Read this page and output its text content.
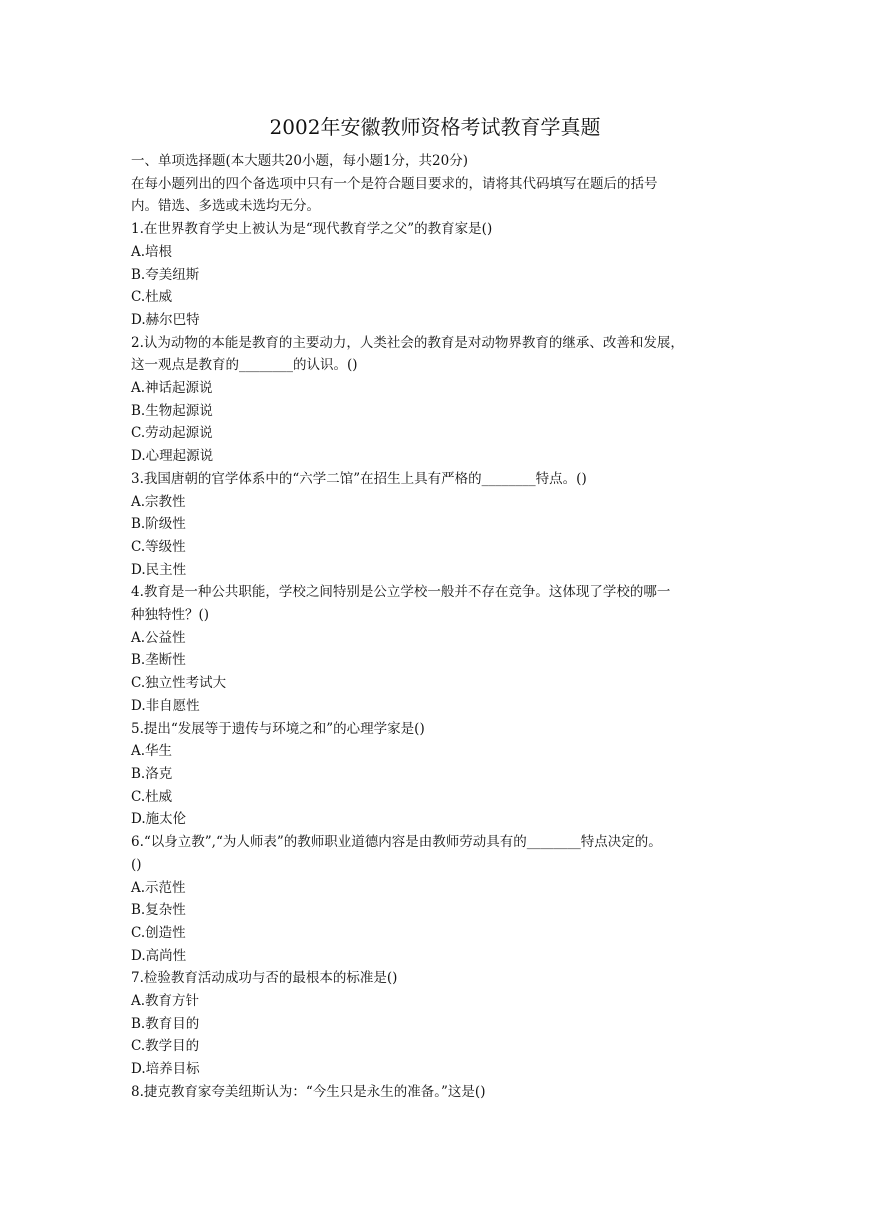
2002年安徽教师资格考试教育学真题
一、单项选择题(本大题共20小题，每小题1分，共20分)
在每小题列出的四个备选项中只有一个是符合题目要求的，请将其代码填写在题后的括号
内。错选、多选或未选均无分。
1.在世界教育学史上被认为是“现代教育学之父”的教育家是()
A.培根
B.夸美纽斯
C.杜威
D.赫尔巴特
2.认为动物的本能是教育的主要动力，人类社会的教育是对动物界教育的继承、改善和发展，
这一观点是教育的________的认识。()
A.神话起源说
B.生物起源说
C.劳动起源说
D.心理起源说
3.我国唐朝的官学体系中的“六学二馆”在招生上具有严格的________特点。()
A.宗教性
B.阶级性
C.等级性
D.民主性
4.教育是一种公共职能，学校之间特别是公立学校一般并不存在竞争。这体现了学校的哪一
种独特性？()
A.公益性
B.垄断性
C.独立性考试大
D.非自愿性
5.提出“发展等于遗传与环境之和”的心理学家是()
A.华生
B.洛克
C.杜威
D.施太伦
6.“以身立教”,“为人师表”的教师职业道德内容是由教师劳动具有的________特点决定的。
()
A.示范性
B.复杂性
C.创造性
D.高尚性
7.检验教育活动成功与否的最根本的标准是()
A.教育方针
B.教育目的
C.教学目的
D.培养目标
8.捷克教育家夸美纽斯认为：“今生只是永生的准备。”这是()
